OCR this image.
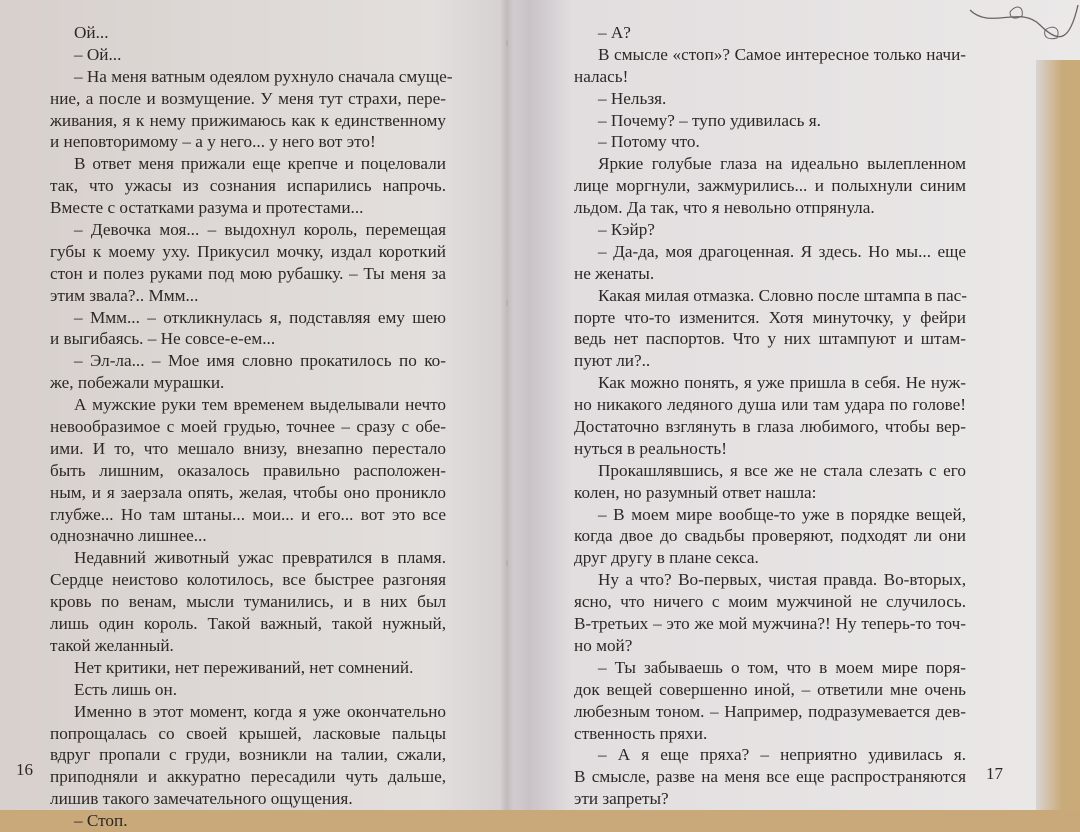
Ой...
– Ой...
– На меня ватным одеялом рухнуло сначала смуще-
ние, а после и возмущение. У меня тут страхи, пере-
живания, я к нему прижимаюсь как к единственному
и неповторимому – а у него... у него вот это!
В ответ меня прижали еще крепче и поцеловали
так, что ужасы из сознания испарились напрочь.
Вместе с остатками разума и протестами...
– Девочка моя... – выдохнул король, перемещая
губы к моему уху. Прикусил мочку, издал короткий
стон и полез руками под мою рубашку. – Ты меня за
этим звала?.. Ммм...
– Ммм... – откликнулась я, подставляя ему шею
и выгибаясь. – Не совсе-е-ем...
– Эл-ла... – Мое имя словно прокатилось по ко-
же, побежали мурашки.
А мужские руки тем временем выделывали нечто
невообразимое с моей грудью, точнее – сразу с обе-
ими. И то, что мешало внизу, внезапно перестало
быть лишним, оказалось правильно расположен-
ным, и я заерзала опять, желая, чтобы оно проникло
глубже... Но там штаны... мои... и его... вот это все
однозначно лишнее...
Недавний животный ужас превратился в пламя.
Сердце неистово колотилось, все быстрее разгоняя
кровь по венам, мысли туманились, и в них был
лишь один король. Такой важный, такой нужный,
такой желанный.
Нет критики, нет переживаний, нет сомнений.
Есть лишь он.
Именно в этот момент, когда я уже окончательно
попрощалась со своей крышей, ласковые пальцы
вдруг пропали с груди, возникли на талии, сжали,
приподняли и аккуратно пересадили чуть дальше,
лишив такого замечательного ощущения.
– Стоп.
– А?
В смысле «стоп»? Самое интересное только начи-
налась!
– Нельзя.
– Почему? – тупо удивилась я.
– Потому что.
Яркие голубые глаза на идеально вылепленном
лице моргнули, зажмурились... и полыхнули синим
льдом. Да так, что я невольно отпрянула.
– Кэйр?
– Да-да, моя драгоценная. Я здесь. Но мы... еще
не женаты.
Какая милая отмазка. Словно после штампа в пас-
порте что-то изменится. Хотя минуточку, у фейри
ведь нет паспортов. Что у них штампуют и штам-
пуют ли?..
Как можно понять, я уже пришла в себя. Не нуж-
но никакого ледяного душа или там удара по голове!
Достаточно взглянуть в глаза любимого, чтобы вер-
нуться в реальность!
Прокашлявшись, я все же не стала слезать с его
колен, но разумный ответ нашла:
– В моем мире вообще-то уже в порядке вещей,
когда двое до свадьбы проверяют, подходят ли они
друг другу в плане секса.
Ну а что? Во-первых, чистая правда. Во-вторых,
ясно, что ничего с моим мужчиной не случилось.
В-третьих – это же мой мужчина?! Ну теперь-то точ-
но мой?
– Ты забываешь о том, что в моем мире поря-
док вещей совершенно иной, – ответили мне очень
любезным тоном. – Например, подразумевается дев-
ственность пряхи.
– А я еще пряха? – неприятно удивилась я.
В смысле, разве на меня все еще распространяются
эти запреты?
16	17
